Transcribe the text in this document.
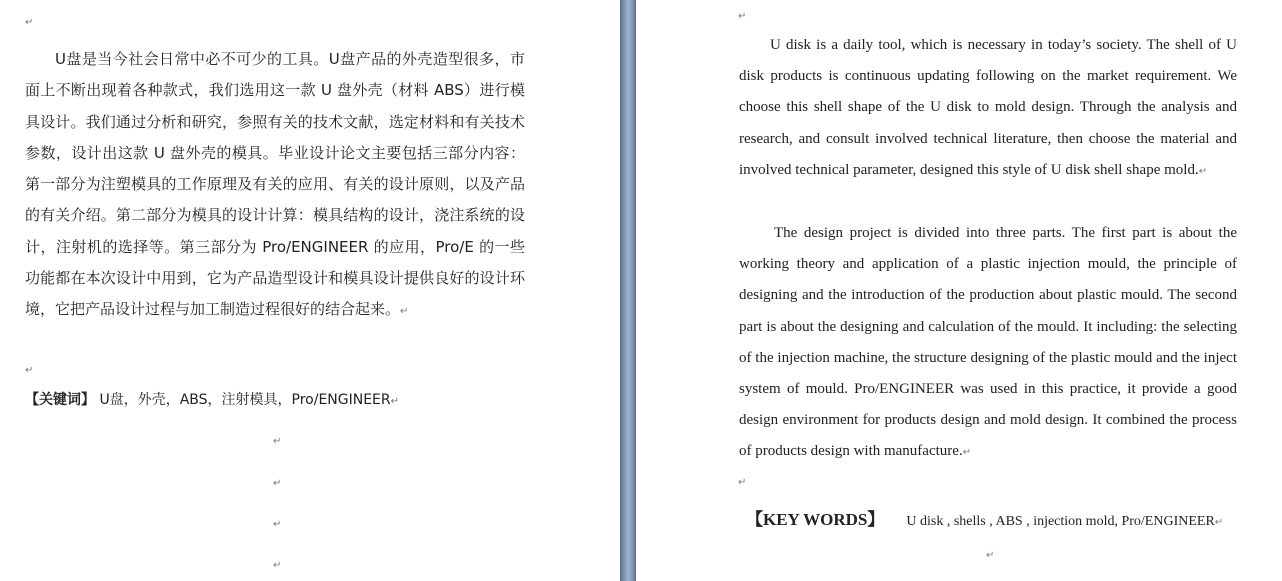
↵

U盘是当今社会日常中必不可少的工具。U盘产品的外壳造型很多，市面上不断出现着各种款式，我们选用这一款 U 盘外壳（材料 ABS）进行模具设计。我们通过分析和研究，参照有关的技术文献，选定材料和有关技术参数，设计出这款 U 盘外壳的模具。毕业设计论文主要包括三部分内容：第一部分为注塑模具的工作原理及有关的应用、有关的设计原则，以及产品的有关介绍。第二部分为模具的设计计算：模具结构的设计，浇注系统的设计，注射机的选择等。第三部分为 Pro/ENGINEER 的应用，Pro/E 的一些功能都在本次设计中用到，它为产品造型设计和模具设计提供良好的设计环境，它把产品设计过程与加工制造过程很好的结合起来。↵

↵
【关键词】 U盘，外壳，ABS，注射模具，Pro/ENGINEER↵
↵
↵
↵
↵
↵

U disk is a daily tool, which is necessary in today’s society. The shell of U disk products is continuous updating following on the market requirement. We choose this shell shape of the U disk to mold design. Through the analysis and research, and consult involved technical literature, then choose the material and involved technical parameter, designed this style of U disk shell shape mold.↵

The design project is divided into three parts. The first part is about the working theory and application of a plastic injection mould, the principle of designing and the introduction of the production about plastic mould. The second part is about the designing and calculation of the mould. It including: the selecting of the injection machine, the structure designing of the plastic mould and the inject system of mould. Pro/ENGINEER was used in this practice, it provide a good design environment for products design and mold design. It combined the process of products design with manufacture.↵

↵
【KEY WORDS】 U disk , shells , ABS , injection mold, Pro/ENGINEER↵
↵
